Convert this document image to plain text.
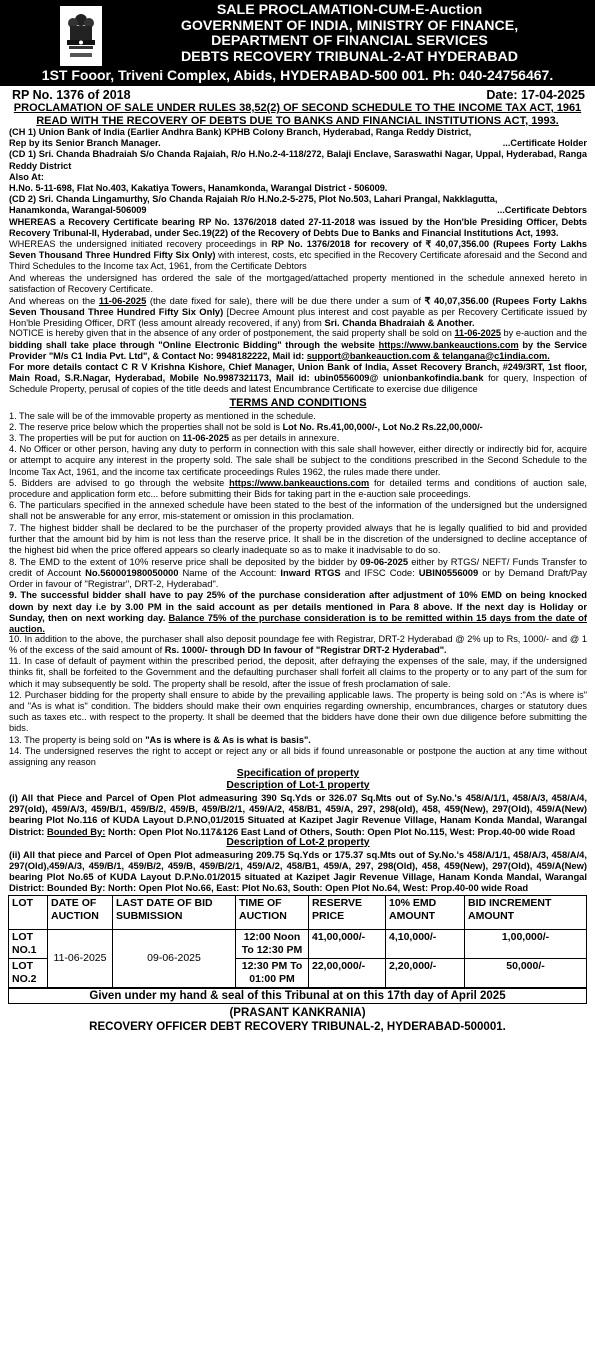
SALE PROCLAMATION-CUM-E-Auction
GOVERNMENT OF INDIA, MINISTRY OF FINANCE,
DEPARTMENT OF FINANCIAL SERVICES
DEBTS RECOVERY TRIBUNAL-2-AT HYDERABAD
1ST Fooor, Triveni Complex, Abids, HYDERABAD-500 001. Ph: 040-24756467.
RP No. 1376 of 2018	Date: 17-04-2025
PROCLAMATION OF SALE UNDER RULES 38,52(2) OF SECOND SCHEDULE TO THE INCOME TAX ACT, 1961 READ WITH THE RECOVERY OF DEBTS DUE TO BANKS AND FINANCIAL INSTITUTIONS ACT, 1993.

(CH 1) Union Bank of India (Earlier Andhra Bank) KPHB Colony Branch, Hyderabad, Ranga Reddy District,

Rep by its Senior Branch Manager.	...Certificate Holder

(CD 1) Sri. Chanda Bhadraiah S/o Chanda Rajaiah, R/o H.No.2-4-118/272, Balaji Enclave, Saraswathi Nagar, Uppal, Hyderabad, Ranga Reddy District

Also At:

H.No. 5-11-698, Flat No.403, Kakatiya Towers, Hanamkonda, Warangal District - 506009.

(CD 2) Sri. Chanda Lingamurthy, S/o Chanda Rajaiah R/o H.No.2-5-275, Plot No.503, Lahari Prangal, Nakklagutta,

Hanamkonda, Warangal-506009	...Certificate Debtors

WHEREAS a Recovery Certificate bearing RP No. 1376/2018 dated 27-11-2018 was issued by the Hon'ble Presiding Officer, Debts Recovery Tribunal-II, Hyderabad, under Sec.19(22) of the Recovery of Debts Due to Banks and Financial Institutions Act, 1993.

WHEREAS the undersigned initiated recovery proceedings in RP No. 1376/2018 for recovery of ₹ 40,07,356.00 (Rupees Forty Lakhs Seven Thousand Three Hundred Fifty Six Only) with interest, costs, etc specified in the Recovery Certificate aforesaid and the Second and Third Schedules to the Income tax Act, 1961, from the Certificate Debtors

And whereas the undersigned has ordered the sale of the mortgaged/attached property mentioned in the schedule annexed hereto in satisfaction of Recovery Certificate.

And whereas on the 11-06-2025 (the date fixed for sale), there will be due there under a sum of ₹ 40,07,356.00 (Rupees Forty Lakhs Seven Thousand Three Hundred Fifty Six Only) [Decree Amount plus interest and cost payable as per Recovery Certificate issued by Hon'ble Presiding Officer, DRT (less amount already recovered, if any) from Sri. Chanda Bhadraiah & Another.

NOTICE is hereby given that in the absence of any order of postponement, the said property shall be sold on 11-06-2025 by e-auction and the bidding shall take place through "Online Electronic Bidding" through the website https://www.bankeauctions.com by the Service Provider "M/s C1 India Pvt. Ltd", & Contact No: 9948182222, Mail id: support@bankeauction.com & telangana@c1india.com.

For more details contact C R V Krishna Kishore, Chief Manager, Union Bank of India, Asset Recovery Branch, #249/3RT, 1st floor, Main Road, S.R.Nagar, Hyderabad, Mobile No.9987321173, Mail id: ubin0556009@ unionbankofindia.bank for query, Inspection of Schedule Property, perusal of copies of the title deeds and latest Encumbrance Certificate to exercise due diligence

TERMS AND CONDITIONS

1. The sale will be of the immovable property as mentioned in the schedule.

2. The reserve price below which the properties shall not be sold is Lot No. Rs.41,00,000/-, Lot No.2 Rs.22,00,000/-

3. The properties will be put for auction on 11-06-2025 as per details in annexure.

4. No Officer or other person, having any duty to perform in connection with this sale shall however, either directly or indirectly bid for, acquire or attempt to acquire any interest in the property sold. The sale shall be subject to the conditions prescribed in the Second Schedule to the Income Tax Act, 1961, and the income tax certificate proceedings Rules 1962, the rules made there under.

5. Bidders are advised to go through the website https://www.bankeauctions.com for detailed terms and conditions of auction sale, procedure and application form etc... before submitting their Bids for taking part in the e-auction sale proceedings.

6. The particulars specified in the annexed schedule have been stated to the best of the information of the undersigned but the undersigned shall not be answerable for any error, mis-statement or omission in this proclamation.

7. The highest bidder shall be declared to be the purchaser of the property provided always that he is legally qualified to bid and provided further that the amount bid by him is not less than the reserve price. It shall be in the discretion of the undersigned to decline acceptance of the highest bid when the price offered appears so clearly inadequate so as to make it inadvisable to do so.

8. The EMD to the extent of 10% reserve price shall be deposited by the bidder by 09-06-2025 either by RTGS/ NEFT/ Funds Transfer to credit of Account No.560001980050000 Name of the Account: Inward RTGS and IFSC Code: UBIN0556009 or by Demand Draft/Pay Order in favour of "Registrar", DRT-2, Hyderabad".

9. The successful bidder shall have to pay 25% of the purchase consideration after adjustment of 10% EMD on being knocked down by next day i.e by 3.00 PM in the said account as per details mentioned in Para 8 above. If the next day is Holiday or Sunday, then on next working day. Balance 75% of the purchase consideration is to be remitted within 15 days from the date of auction.

10. In addition to the above, the purchaser shall also deposit poundage fee with Registrar, DRT-2 Hyderabad @ 2% up to Rs, 1000/- and @ 1 % of the excess of the said amount of Rs. 1000/- through DD In favour of "Registrar DRT-2 Hyderabad".

11. In case of default of payment within the prescribed period, the deposit, after defraying the expenses of the sale, may, if the undersigned thinks fit, shall be forfeited to the Government and the defaulting purchaser shall forfeit all claims to the property or to any part of the sum for which it may subsequently be sold. The property shall be resold, after the issue of fresh proclamation of sale.

12. Purchaser bidding for the property shall ensure to abide by the prevailing applicable laws. The property is being sold on :"As is where is" and "As is what is" condition. The bidders should make their own enquiries regarding ownership, encumbrances, charges or statutory dues such as taxes etc.. with respect to the property. It shall be deemed that the bidders have done their own due diligence before submitting the bids.

13. The property is being sold on "As is where is & As is what is basis".

14. The undersigned reserves the right to accept or reject any or all bids if found unreasonable or postpone the auction at any time without assigning any reason

Specification of property
Description of Lot-1 property

(i) All that Piece and Parcel of Open Plot admeasuring 390 Sq.Yds or 326.07 Sq.Mts out of Sy.No.'s 458/A/1/1, 458/A/3, 458/A/4, 297(old), 459/A/3, 459/B/1, 459/B/2, 459/B, 459/B/2/1, 459/A/2, 458/B1, 459/A, 297, 298(old), 458, 459(New), 297(Old), 459/A(New) bearing Plot No.116 of KUDA Layout D.P.NO,01/2015 Situated at Kazipet Jagir Revenue Village, Hanam Konda Mandal, Warangal District: Bounded By: North: Open Plot No.117&126 East Land of Others, South: Open Plot No.115, West: Prop.40-00 wide Road

Description of Lot-2 property

(ii) All that piece and Parcel of Open Plot admeasuring 209.75 Sq.Yds or 175.37 sq.Mts out of Sy.No.'s 458/A/1/1, 458/A/3, 458/A/4, 297(Old),459/A/3, 459/B/1, 459/B/2, 459/B, 459/B/2/1, 459/A/2, 458/B1, 459/A, 297, 298(Old), 458, 459(New), 297(Old), 459/A(New) bearing Plot No.65 of KUDA Layout D.P.No.01/2015 situated at Kazipet Jagir Revenue Village, Hanam Konda Mandal, Warangal District: Bounded By: North: Open Plot No.66, East: Plot No.63, South: Open Plot No.64, West: Prop.40-00 wide Road

LOT	DATE OF AUCTION	LAST DATE OF BID SUBMISSION	TIME OF AUCTION	RESERVE PRICE	10% EMD AMOUNT	BID INCREMENT AMOUNT
LOT NO.1	11-06-2025	09-06-2025	12:00 Noon To 12:30 PM	41,00,000/-	4,10,000/-	1,00,000/-
LOT NO.2			12:30 PM To 01:00 PM	22,00,000/-	2,20,000/-	50,000/-
Given under my hand & seal of this Tribunal at on this 17th day of April 2025
(PRASANT KANKRANIA)
RECOVERY OFFICER DEBT RECOVERY TRIBUNAL-2, HYDERABAD-500001.
